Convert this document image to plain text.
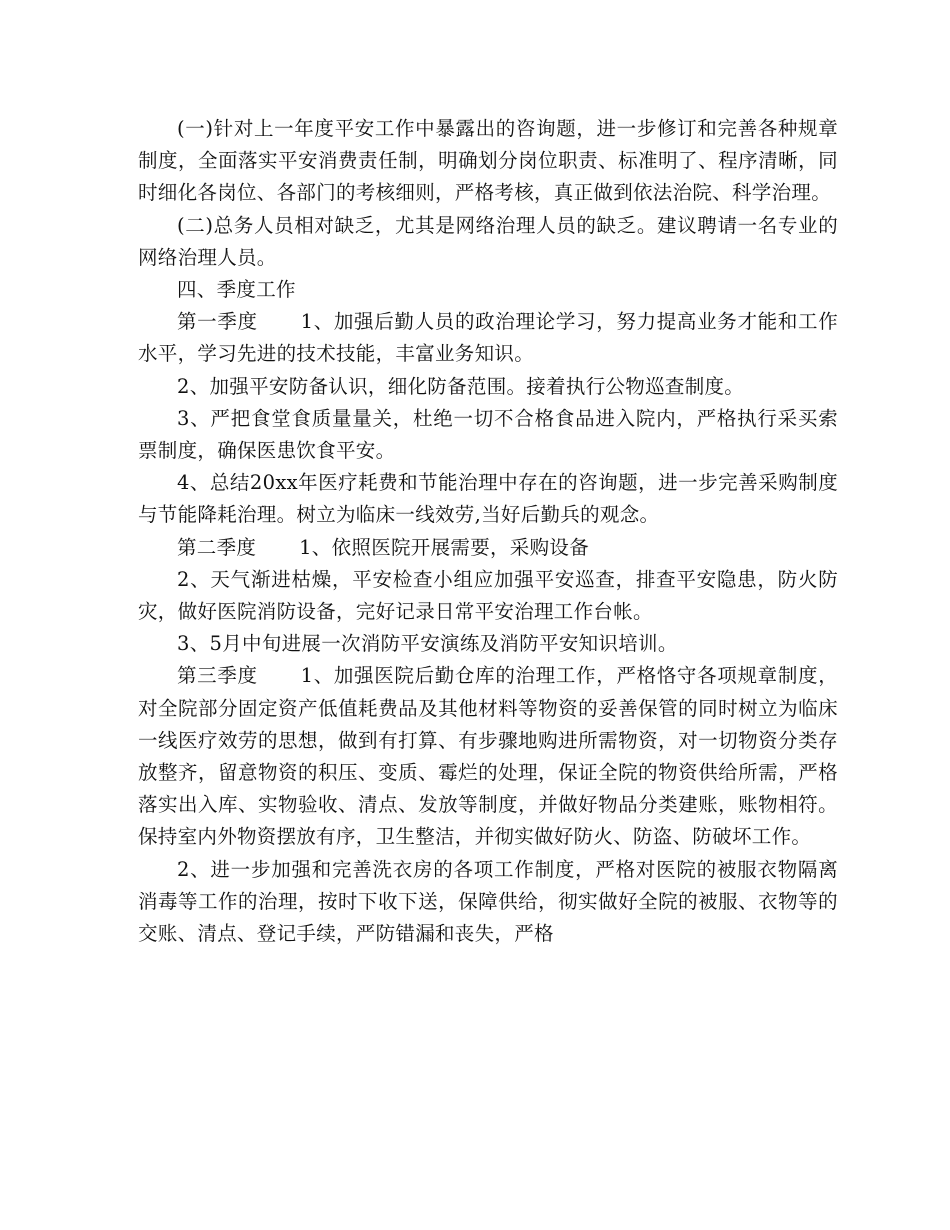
(一)针对上一年度平安工作中暴露出的咨询题，进一步修订和完善各种规章制度，全面落实平安消费责任制，明确划分岗位职责、标准明了、程序清晰，同时细化各岗位、各部门的考核细则，严格考核，真正做到依法治院、科学治理。

(二)总务人员相对缺乏，尤其是网络治理人员的缺乏。建议聘请一名专业的网络治理人员。

四、季度工作

第一季度 1、加强后勤人员的政治理论学习，努力提高业务才能和工作水平，学习先进的技术技能，丰富业务知识。

2、加强平安防备认识，细化防备范围。接着执行公物巡查制度。

3、严把食堂食质量量关，杜绝一切不合格食品进入院内，严格执行采买索票制度，确保医患饮食平安。

4、总结20xx年医疗耗费和节能治理中存在的咨询题，进一步完善采购制度与节能降耗治理。树立为临床一线效劳,当好后勤兵的观念。

第二季度 1、依照医院开展需要，采购设备

2、天气渐进枯燥，平安检查小组应加强平安巡查，排查平安隐患，防火防灾，做好医院消防设备，完好记录日常平安治理工作台帐。

3、5月中旬进展一次消防平安演练及消防平安知识培训。

第三季度 1、加强医院后勤仓库的治理工作，严格恪守各项规章制度，对全院部分固定资产低值耗费品及其他材料等物资的妥善保管的同时树立为临床一线医疗效劳的思想，做到有打算、有步骤地购进所需物资，对一切物资分类存放整齐，留意物资的积压、变质、霉烂的处理，保证全院的物资供给所需，严格落实出入库、实物验收、清点、发放等制度，并做好物品分类建账，账物相符。保持室内外物资摆放有序，卫生整洁，并彻实做好防火、防盗、防破坏工作。

2、进一步加强和完善洗衣房的各项工作制度，严格对医院的被服衣物隔离消毒等工作的治理，按时下收下送，保障供给，彻实做好全院的被服、衣物等的交账、清点、登记手续，严防错漏和丧失，严格
